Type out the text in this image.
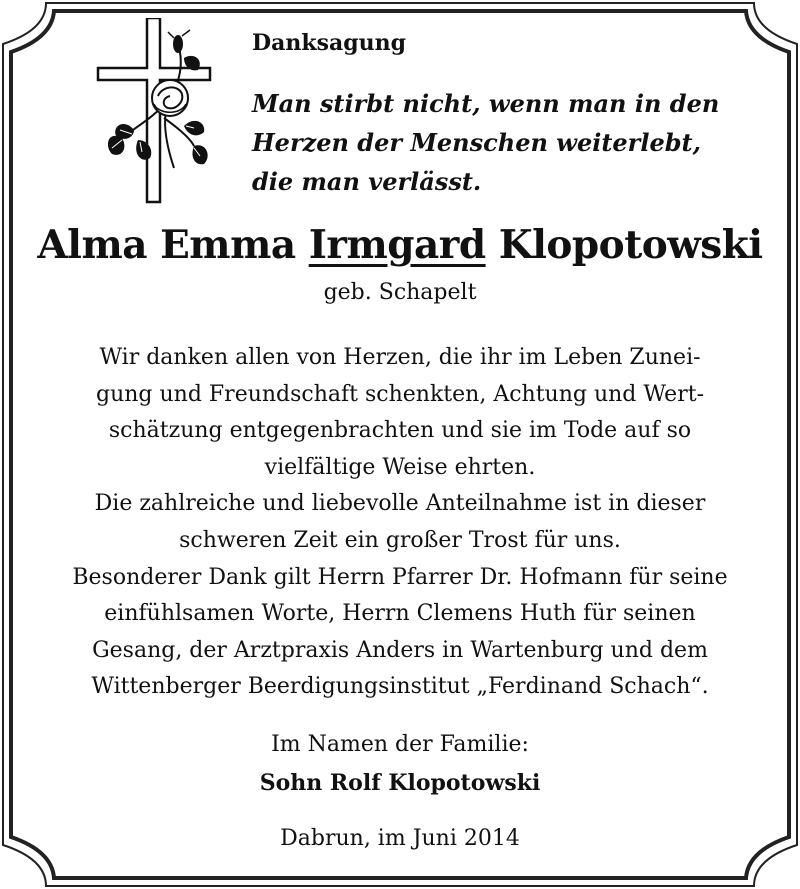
Danksagung
Man stirbt nicht, wenn man in den
Herzen der Menschen weiterlebt,
die man verlässt.
Alma Emma Irmgard Klopotowski
geb. Schapelt
Wir danken allen von Herzen, die ihr im Leben Zunei-
gung und Freundschaft schenkten, Achtung und Wert-
schätzung entgegenbrachten und sie im Tode auf so
vielfältige Weise ehrten.
Die zahlreiche und liebevolle Anteilnahme ist in dieser
schweren Zeit ein großer Trost für uns.
Besonderer Dank gilt Herrn Pfarrer Dr. Hofmann für seine
einfühlsamen Worte, Herrn Clemens Huth für seinen
Gesang, der Arztpraxis Anders in Wartenburg und dem
Wittenberger Beerdigungsinstitut „Ferdinand Schach“.
Im Namen der Familie:
Sohn Rolf Klopotowski
Dabrun, im Juni 2014
